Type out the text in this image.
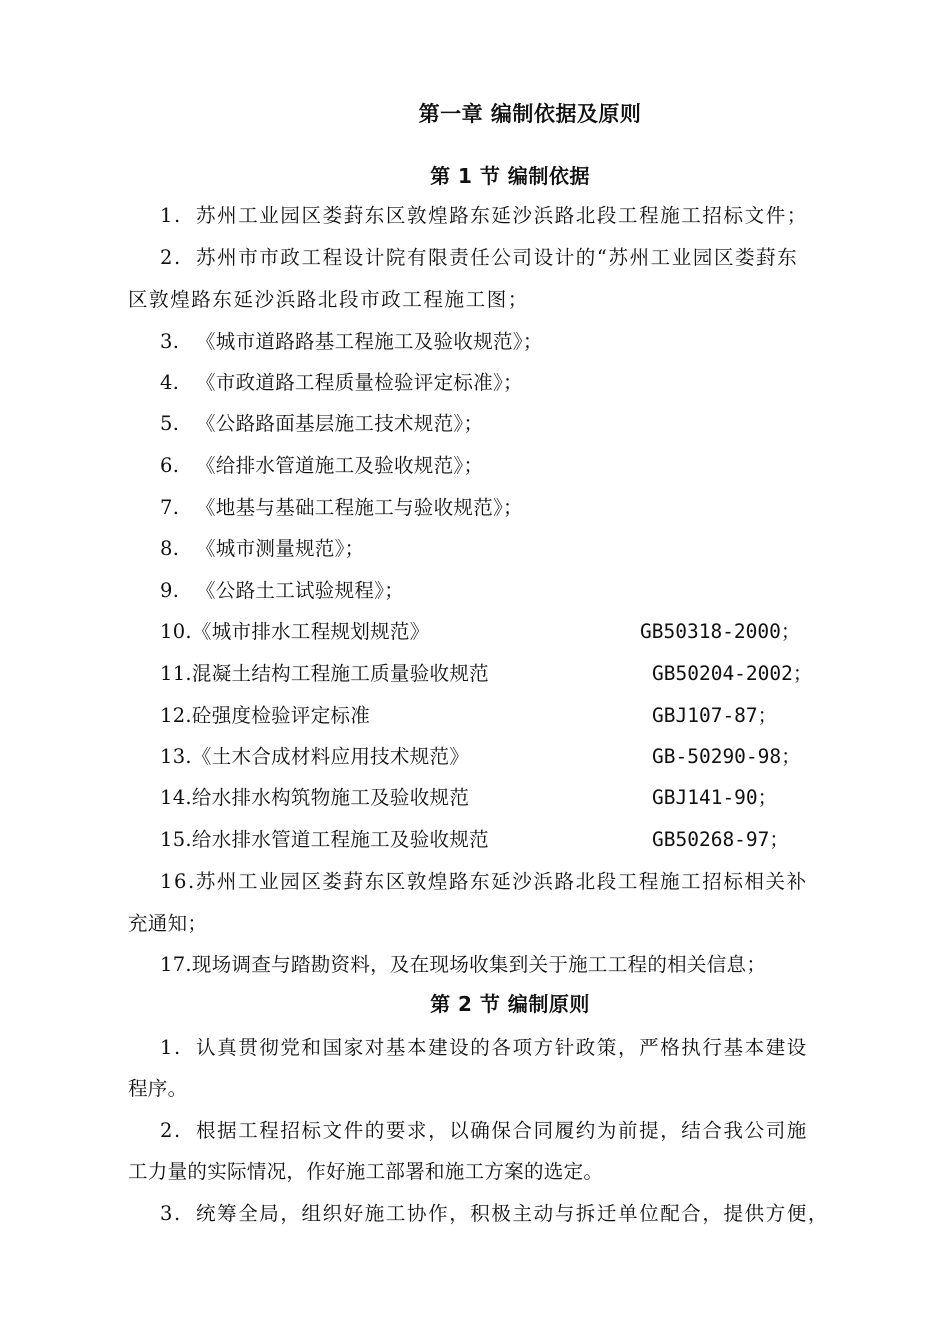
第一章 编制依据及原则
第 1 节 编制依据
1. 苏州工业园区娄葑东区敦煌路东延沙浜路北段工程施工招标文件；
2. 苏州市市政工程设计院有限责任公司设计的“苏州工业园区娄葑东
区敦煌路东延沙浜路北段市政工程施工图；
3. 《城市道路路基工程施工及验收规范》；
4. 《市政道路工程质量检验评定标准》；
5. 《公路路面基层施工技术规范》；
6. 《给排水管道施工及验收规范》；
7. 《地基与基础工程施工与验收规范》；
8. 《城市测量规范》；
9. 《公路土工试验规程》；
10.《城市排水工程规划规范》	GB50318-2000；
11.混凝土结构工程施工质量验收规范	GB50204-2002；
12.砼强度检验评定标准	GBJ107-87；
13.《土木合成材料应用技术规范》	GB-50290-98；
14.给水排水构筑物施工及验收规范	GBJ141-90；
15.给水排水管道工程施工及验收规范	GB50268-97；
16.苏州工业园区娄葑东区敦煌路东延沙浜路北段工程施工招标相关补
充通知；
17.现场调查与踏勘资料，及在现场收集到关于施工工程的相关信息；
第 2 节 编制原则
1. 认真贯彻党和国家对基本建设的各项方针政策，严格执行基本建设
程序。
2. 根据工程招标文件的要求，以确保合同履约为前提，结合我公司施
工力量的实际情况，作好施工部署和施工方案的选定。
3. 统筹全局，组织好施工协作，积极主动与拆迁单位配合，提供方便，
